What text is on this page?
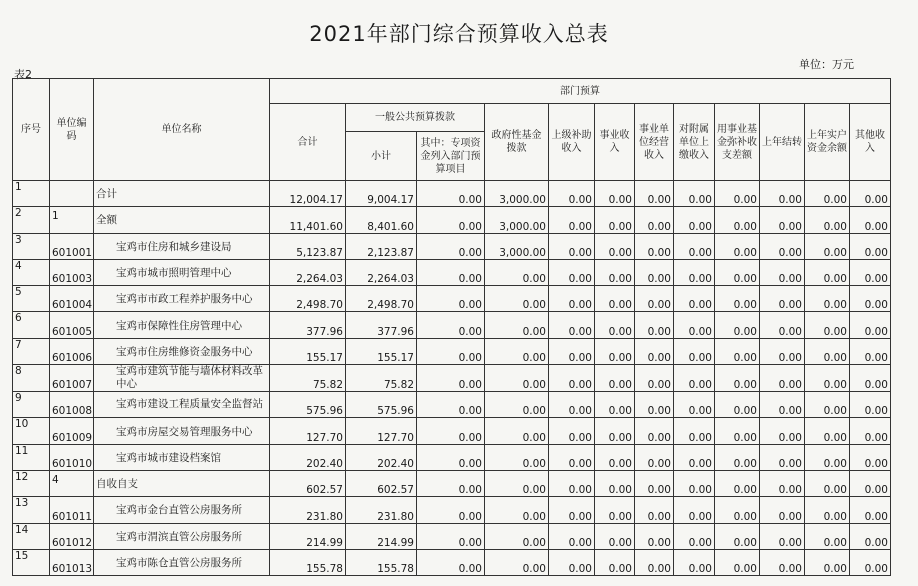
2021年部门综合预算收入总表
表2
单位：万元
序号	单位编码	单位名称	部门预算											
			合计	一般公共预算拨款		政府性基金拨款	上级补助收入	事业收入	事业单位经营收入	对附属单位上缴收入	用事业基金弥补收支差额	上年结转	上年实户资金余额	其他收入
				小计	其中：专项资金列入部门预算项目									
1		合计	12,004.17	9,004.17	0.00	3,000.00	0.00	0.00	0.00	0.00	0.00	0.00	0.00	0.00
2	1	全额	11,401.60	8,401.60	0.00	3,000.00	0.00	0.00	0.00	0.00	0.00	0.00	0.00	0.00
3	601001	宝鸡市住房和城乡建设局	5,123.87	2,123.87	0.00	3,000.00	0.00	0.00	0.00	0.00	0.00	0.00	0.00	0.00
4	601003	宝鸡市城市照明管理中心	2,264.03	2,264.03	0.00	0.00	0.00	0.00	0.00	0.00	0.00	0.00	0.00	0.00
5	601004	宝鸡市市政工程养护服务中心	2,498.70	2,498.70	0.00	0.00	0.00	0.00	0.00	0.00	0.00	0.00	0.00	0.00
6	601005	宝鸡市保障性住房管理中心	377.96	377.96	0.00	0.00	0.00	0.00	0.00	0.00	0.00	0.00	0.00	0.00
7	601006	宝鸡市住房维修资金服务中心	155.17	155.17	0.00	0.00	0.00	0.00	0.00	0.00	0.00	0.00	0.00	0.00
8	601007	宝鸡市建筑节能与墙体材料改革中心	75.82	75.82	0.00	0.00	0.00	0.00	0.00	0.00	0.00	0.00	0.00	0.00
9	601008	宝鸡市建设工程质量安全监督站	575.96	575.96	0.00	0.00	0.00	0.00	0.00	0.00	0.00	0.00	0.00	0.00
10	601009	宝鸡市房屋交易管理服务中心	127.70	127.70	0.00	0.00	0.00	0.00	0.00	0.00	0.00	0.00	0.00	0.00
11	601010	宝鸡市城市建设档案馆	202.40	202.40	0.00	0.00	0.00	0.00	0.00	0.00	0.00	0.00	0.00	0.00
12	4	自收自支	602.57	602.57	0.00	0.00	0.00	0.00	0.00	0.00	0.00	0.00	0.00	0.00
13	601011	宝鸡市金台直管公房服务所	231.80	231.80	0.00	0.00	0.00	0.00	0.00	0.00	0.00	0.00	0.00	0.00
14	601012	宝鸡市渭滨直管公房服务所	214.99	214.99	0.00	0.00	0.00	0.00	0.00	0.00	0.00	0.00	0.00	0.00
15	601013	宝鸡市陈仓直管公房服务所	155.78	155.78	0.00	0.00	0.00	0.00	0.00	0.00	0.00	0.00	0.00	0.00
